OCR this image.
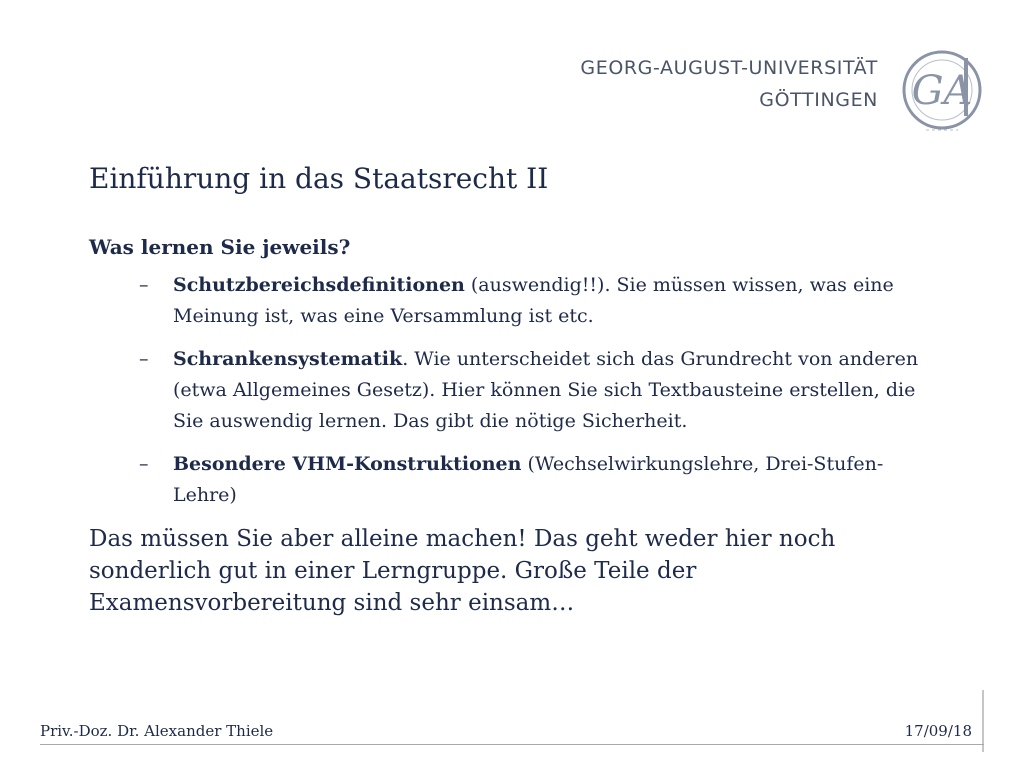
GEORG-AUGUST-UNIVERSITÄT
GÖTTINGEN GA
Einführung in das Staatsrecht II
Was lernen Sie jeweils?
– Schutzbereichsdefinitionen (auswendig!!). Sie müssen wissen, was eine Meinung ist, was eine Versammlung ist etc.
– Schrankensystematik. Wie unterscheidet sich das Grundrecht von anderen (etwa Allgemeines Gesetz). Hier können Sie sich Textbausteine erstellen, die Sie auswendig lernen. Das gibt die nötige Sicherheit.
– Besondere VHM-Konstruktionen (Wechselwirkungslehre, Drei-Stufen-Lehre)
Das müssen Sie aber alleine machen! Das geht weder hier noch sonderlich gut in einer Lerngruppe. Große Teile der Examensvorbereitung sind sehr einsam…
Priv.-Doz. Dr. Alexander Thiele	17/09/18
